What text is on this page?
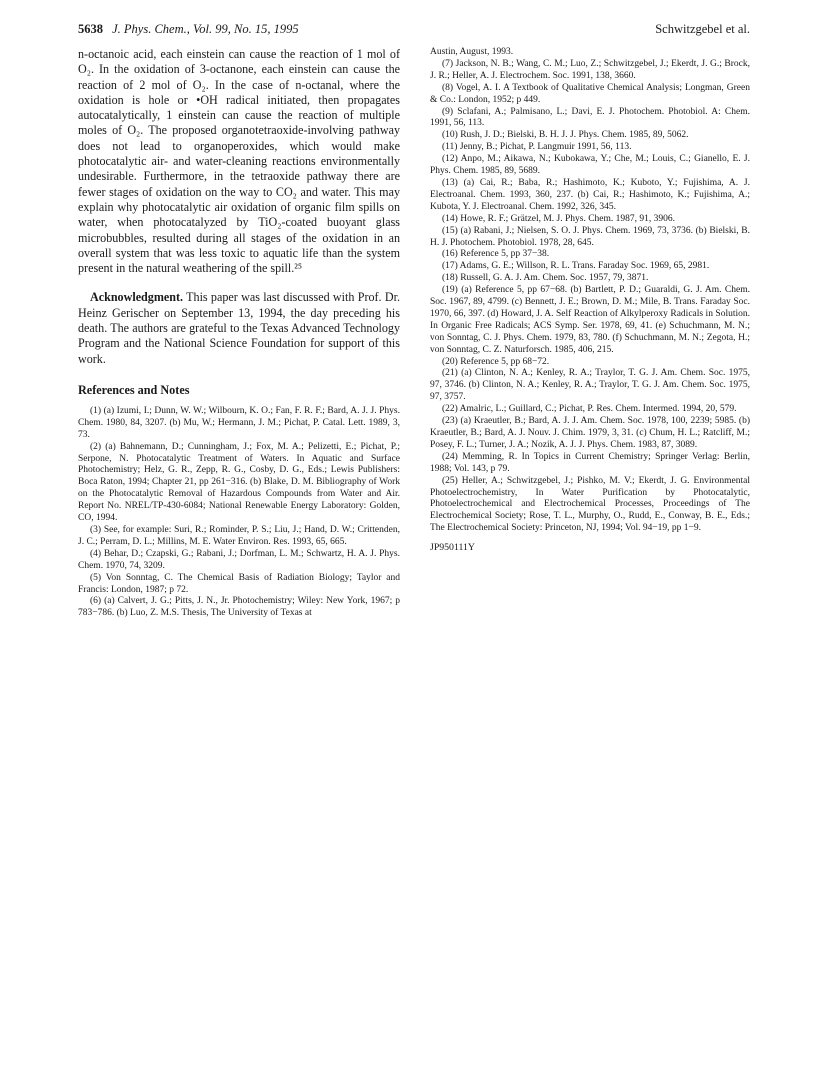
5638 J. Phys. Chem., Vol. 99, No. 15, 1995	Schwitzgebel et al.

n-octanoic acid, each einstein can cause the reaction of 1 mol of O₂. In the oxidation of 3-octanone, each einstein can cause the reaction of 2 mol of O₂. In the case of n-octanal, where the oxidation is hole or •OH radical initiated, then propagates autocatalytically, 1 einstein can cause the reaction of multiple moles of O₂. The proposed organotetraoxide-involving pathway does not lead to organoperoxides, which would make photocatalytic air- and water-cleaning reactions environmentally undesirable. Furthermore, in the tetraoxide pathway there are fewer stages of oxidation on the way to CO₂ and water. This may explain why photocatalytic air oxidation of organic film spills on water, when photocatalyzed by TiO₂-coated buoyant glass microbubbles, resulted during all stages of the oxidation in an overall system that was less toxic to aquatic life than the system present in the natural weathering of the spill.²⁵

Acknowledgment. This paper was last discussed with Prof. Dr. Heinz Gerischer on September 13, 1994, the day preceding his death. The authors are grateful to the Texas Advanced Technology Program and the National Science Foundation for support of this work.

References and Notes

(1) (a) Izumi, I.; Dunn, W. W.; Wilbourn, K. O.; Fan, F. R. F.; Bard, A. J. J. Phys. Chem. 1980, 84, 3207. (b) Mu, W.; Hermann, J. M.; Pichat, P. Catal. Lett. 1989, 3, 73.

(2) (a) Bahnemann, D.; Cunningham, J.; Fox, M. A.; Pelizetti, E.; Pichat, P.; Serpone, N. Photocatalytic Treatment of Waters. In Aquatic and Surface Photochemistry; Helz, G. R., Zepp, R. G., Cosby, D. G., Eds.; Lewis Publishers: Boca Raton, 1994; Chapter 21, pp 261−316. (b) Blake, D. M. Bibliography of Work on the Photocatalytic Removal of Hazardous Compounds from Water and Air. Report No. NREL/TP-430-6084; National Renewable Energy Laboratory: Golden, CO, 1994.

(3) See, for example: Suri, R.; Rominder, P. S.; Liu, J.; Hand, D. W.; Crittenden, J. C.; Perram, D. L.; Millins, M. E. Water Environ. Res. 1993, 65, 665.

(4) Behar, D.; Czapski, G.; Rabani, J.; Dorfman, L. M.; Schwartz, H. A. J. Phys. Chem. 1970, 74, 3209.

(5) Von Sonntag, C. The Chemical Basis of Radiation Biology; Taylor and Francis: London, 1987; p 72.

(6) (a) Calvert, J. G.; Pitts, J. N., Jr. Photochemistry; Wiley: New York, 1967; p 783−786. (b) Luo, Z. M.S. Thesis, The University of Texas at

Austin, August, 1993.

(7) Jackson, N. B.; Wang, C. M.; Luo, Z.; Schwitzgebel, J.; Ekerdt, J. G.; Brock, J. R.; Heller, A. J. Electrochem. Soc. 1991, 138, 3660.

(8) Vogel, A. I. A Textbook of Qualitative Chemical Analysis; Longman, Green & Co.: London, 1952; p 449.

(9) Sclafani, A.; Palmisano, L.; Davi, E. J. Photochem. Photobiol. A: Chem. 1991, 56, 113.

(10) Rush, J. D.; Bielski, B. H. J. J. Phys. Chem. 1985, 89, 5062.

(11) Jenny, B.; Pichat, P. Langmuir 1991, 56, 113.

(12) Anpo, M.; Aikawa, N.; Kubokawa, Y.; Che, M.; Louis, C.; Gianello, E. J. Phys. Chem. 1985, 89, 5689.

(13) (a) Cai, R.; Baba, R.; Hashimoto, K.; Kuboto, Y.; Fujishima, A. J. Electroanal. Chem. 1993, 360, 237. (b) Cai, R.; Hashimoto, K.; Fujishima, A.; Kubota, Y. J. Electroanal. Chem. 1992, 326, 345.

(14) Howe, R. F.; Grätzel, M. J. Phys. Chem. 1987, 91, 3906.

(15) (a) Rabani, J.; Nielsen, S. O. J. Phys. Chem. 1969, 73, 3736. (b) Bielski, B. H. J. Photochem. Photobiol. 1978, 28, 645.

(16) Reference 5, pp 37−38.

(17) Adams, G. E.; Willson, R. L. Trans. Faraday Soc. 1969, 65, 2981.

(18) Russell, G. A. J. Am. Chem. Soc. 1957, 79, 3871.

(19) (a) Reference 5, pp 67−68. (b) Bartlett, P. D.; Guaraldi, G. J. Am. Chem. Soc. 1967, 89, 4799. (c) Bennett, J. E.; Brown, D. M.; Mile, B. Trans. Faraday Soc. 1970, 66, 397. (d) Howard, J. A. Self Reaction of Alkylperoxy Radicals in Solution. In Organic Free Radicals; ACS Symp. Ser. 1978, 69, 41. (e) Schuchmann, M. N.; von Sonntag, C. J. Phys. Chem. 1979, 83, 780. (f) Schuchmann, M. N.; Zegota, H.; von Sonntag, C. Z. Naturforsch. 1985, 406, 215.

(20) Reference 5, pp 68−72.

(21) (a) Clinton, N. A.; Kenley, R. A.; Traylor, T. G. J. Am. Chem. Soc. 1975, 97, 3746. (b) Clinton, N. A.; Kenley, R. A.; Traylor, T. G. J. Am. Chem. Soc. 1975, 97, 3757.

(22) Amalric, L.; Guillard, C.; Pichat, P. Res. Chem. Intermed. 1994, 20, 579.

(23) (a) Kraeutler, B.; Bard, A. J. J. Am. Chem. Soc. 1978, 100, 2239; 5985. (b) Kraeutler, B.; Bard, A. J. Nouv. J. Chim. 1979, 3, 31. (c) Chum, H. L.; Ratcliff, M.; Posey, F. L.; Turner, J. A.; Nozik, A. J. J. Phys. Chem. 1983, 87, 3089.

(24) Memming, R. In Topics in Current Chemistry; Springer Verlag: Berlin, 1988; Vol. 143, p 79.

(25) Heller, A.; Schwitzgebel, J.; Pishko, M. V.; Ekerdt, J. G. Environmental Photoelectrochemistry, In Water Purification by Photocatalytic, Photoelectrochemical and Electrochemical Processes, Proceedings of The Electrochemical Society; Rose, T. L., Murphy, O., Rudd, E., Conway, B. E., Eds.; The Electrochemical Society: Princeton, NJ, 1994; Vol. 94−19, pp 1−9.

JP950111Y
